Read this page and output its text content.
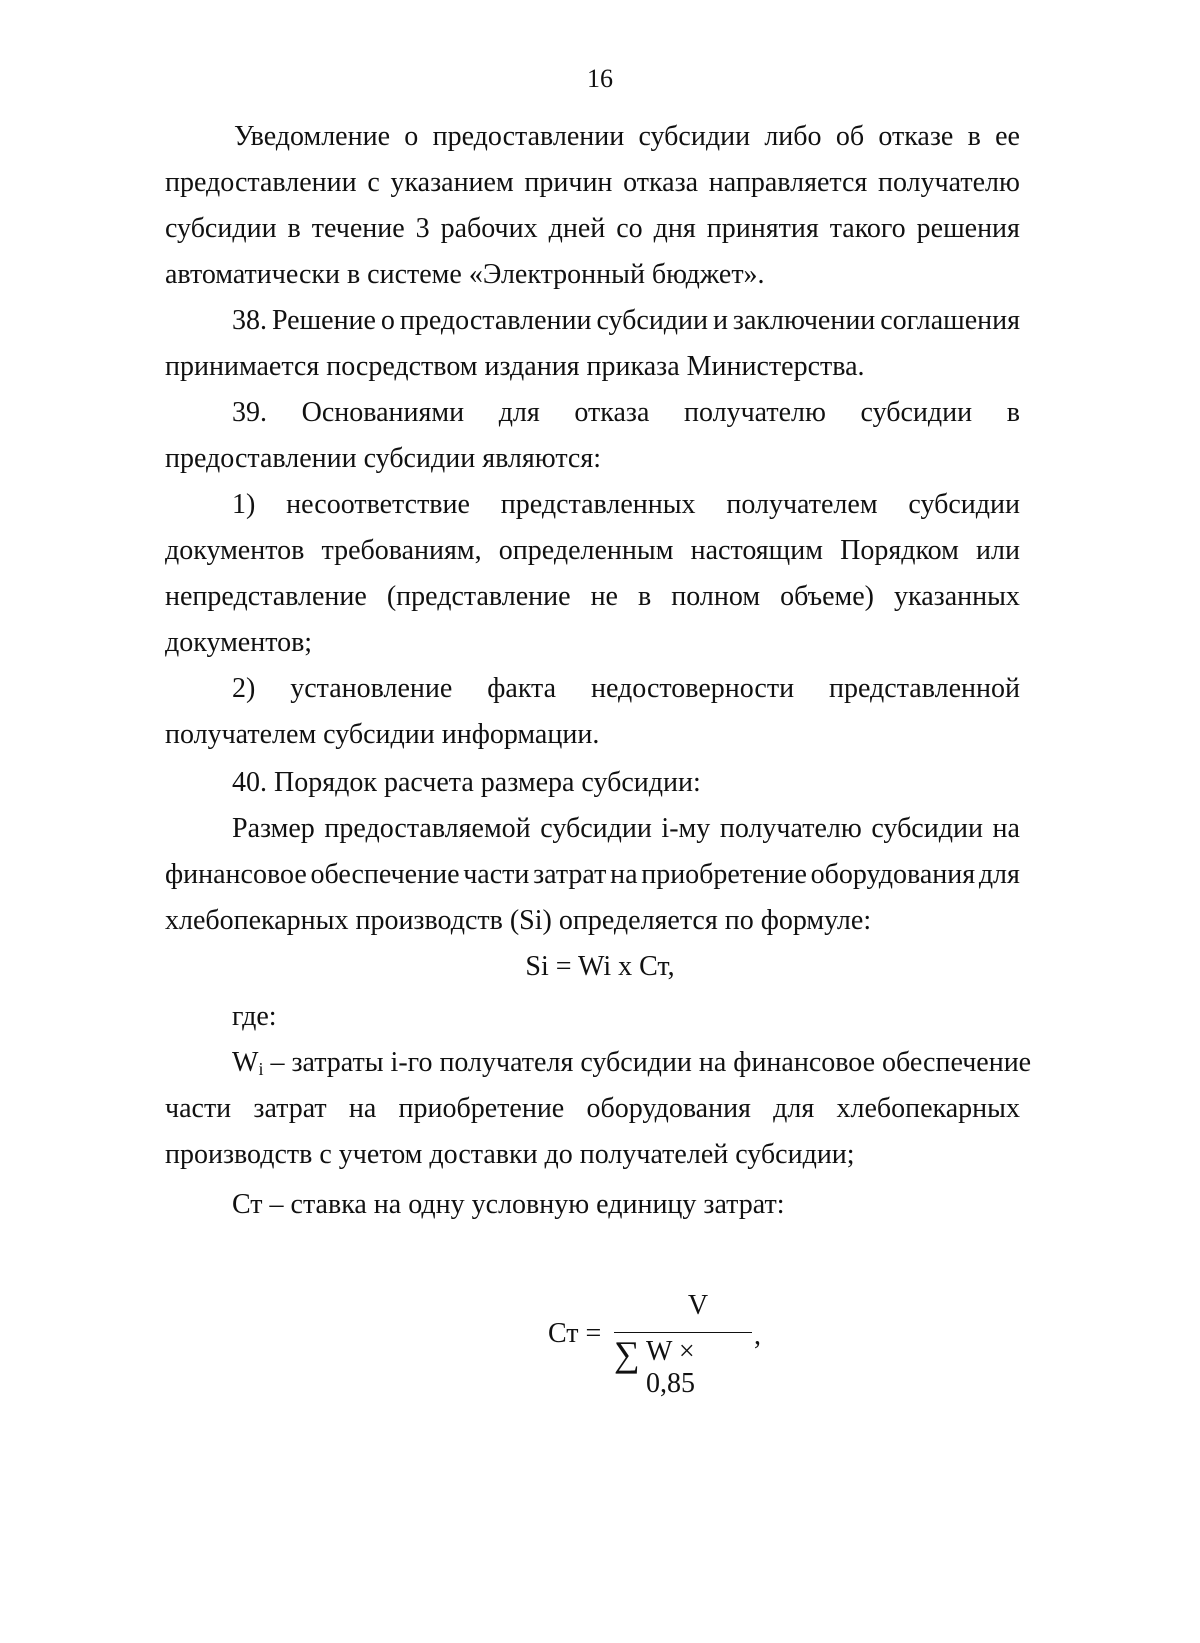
16
Уведомление о предоставлении субсидии либо об отказе в ее
предоставлении с указанием причин отказа направляется получателю
субсидии в течение 3 рабочих дней со дня принятия такого решения
автоматически в системе «Электронный бюджет».
38. Решение о предоставлении субсидии и заключении соглашения
принимается посредством издания приказа Министерства.
39. Основаниями для отказа получателю субсидии в
предоставлении субсидии являются:
1) несоответствие представленных получателем субсидии
документов требованиям, определенным настоящим Порядком или
непредставление (представление не в полном объеме) указанных
документов;
2) установление факта недостоверности представленной
получателем субсидии информации.
40. Порядок расчета размера субсидии:
Размер предоставляемой субсидии i-му получателю субсидии на
финансовое обеспечение части затрат на приобретение оборудования для
хлебопекарных производств (Si) определяется по формуле:
Si = Wi x Ст,
где:
$W_i$ – затраты i-го получателя субсидии на финансовое обеспечение
части затрат на приобретение оборудования для хлебопекарных
производств с учетом доставки до получателей субсидии;
Ст – ставка на одну условную единицу затрат:
Ст =
V
∑ W × 0,85
,
